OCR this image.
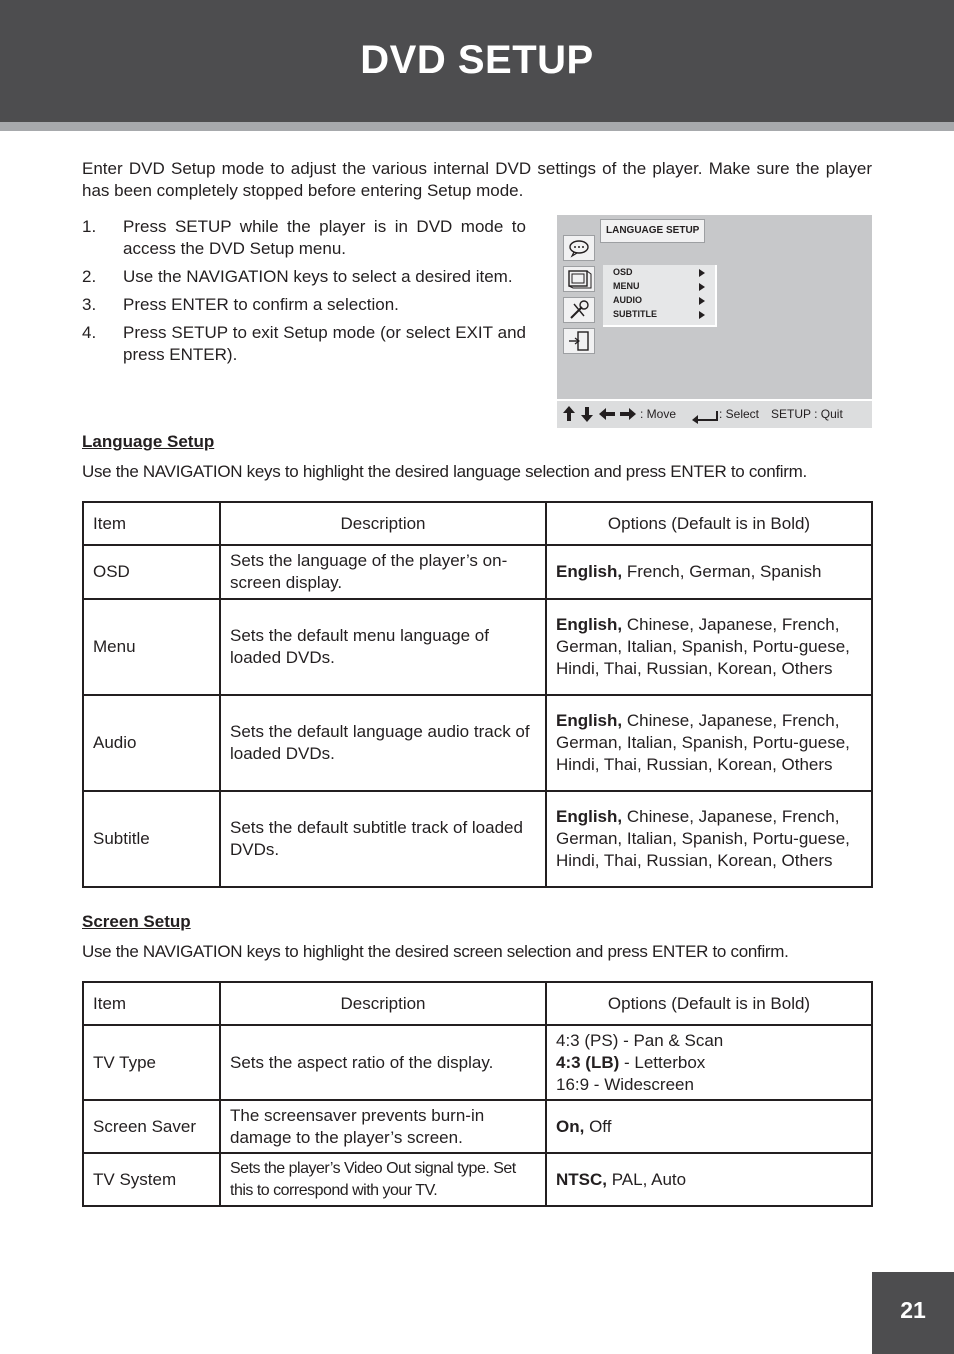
DVD SETUP
Enter DVD Setup mode to adjust the various internal DVD settings of the player. Make sure the player has been completely stopped before entering Setup mode.
1. Press SETUP while the player is in DVD mode to access the DVD Setup menu.
2. Use the NAVIGATION keys to select a desired item.
3. Press ENTER to confirm a selection.
4. Press SETUP to exit Setup mode (or select EXIT and press ENTER).
LANGUAGE SETUP
OSD
MENU
AUDIO
SUBTITLE
: Move	: Select SETUP : Quit
Language Setup
Use the NAVIGATION keys to highlight the desired language selection and press ENTER to confirm.
Item	Description	Options (Default is in Bold)
OSD	Sets the language of the player’s on-screen display.	English, French, German, Spanish
Menu	Sets the default menu language of loaded DVDs.	English, Chinese, Japanese, French, German, Italian, Spanish, Portu-guese, Hindi, Thai, Russian, Korean, Others
Audio	Sets the default language audio track of loaded DVDs.	English, Chinese, Japanese, French, German, Italian, Spanish, Portu-guese, Hindi, Thai, Russian, Korean, Others
Subtitle	Sets the default subtitle track of loaded DVDs.	English, Chinese, Japanese, French, German, Italian, Spanish, Portu-guese, Hindi, Thai, Russian, Korean, Others
Screen Setup
Use the NAVIGATION keys to highlight the desired screen selection and press ENTER to confirm.
Item	Description	Options (Default is in Bold)
TV Type	Sets the aspect ratio of the display.	4:3 (PS) - Pan & Scan
4:3 (LB) - Letterbox
16:9 - Widescreen

Screen Saver	The screensaver prevents burn-in damage to the player’s screen.	On, Off
TV System	Sets the player’s Video Out signal type. Set this to correspond with your TV.	NTSC, PAL, Auto
21
